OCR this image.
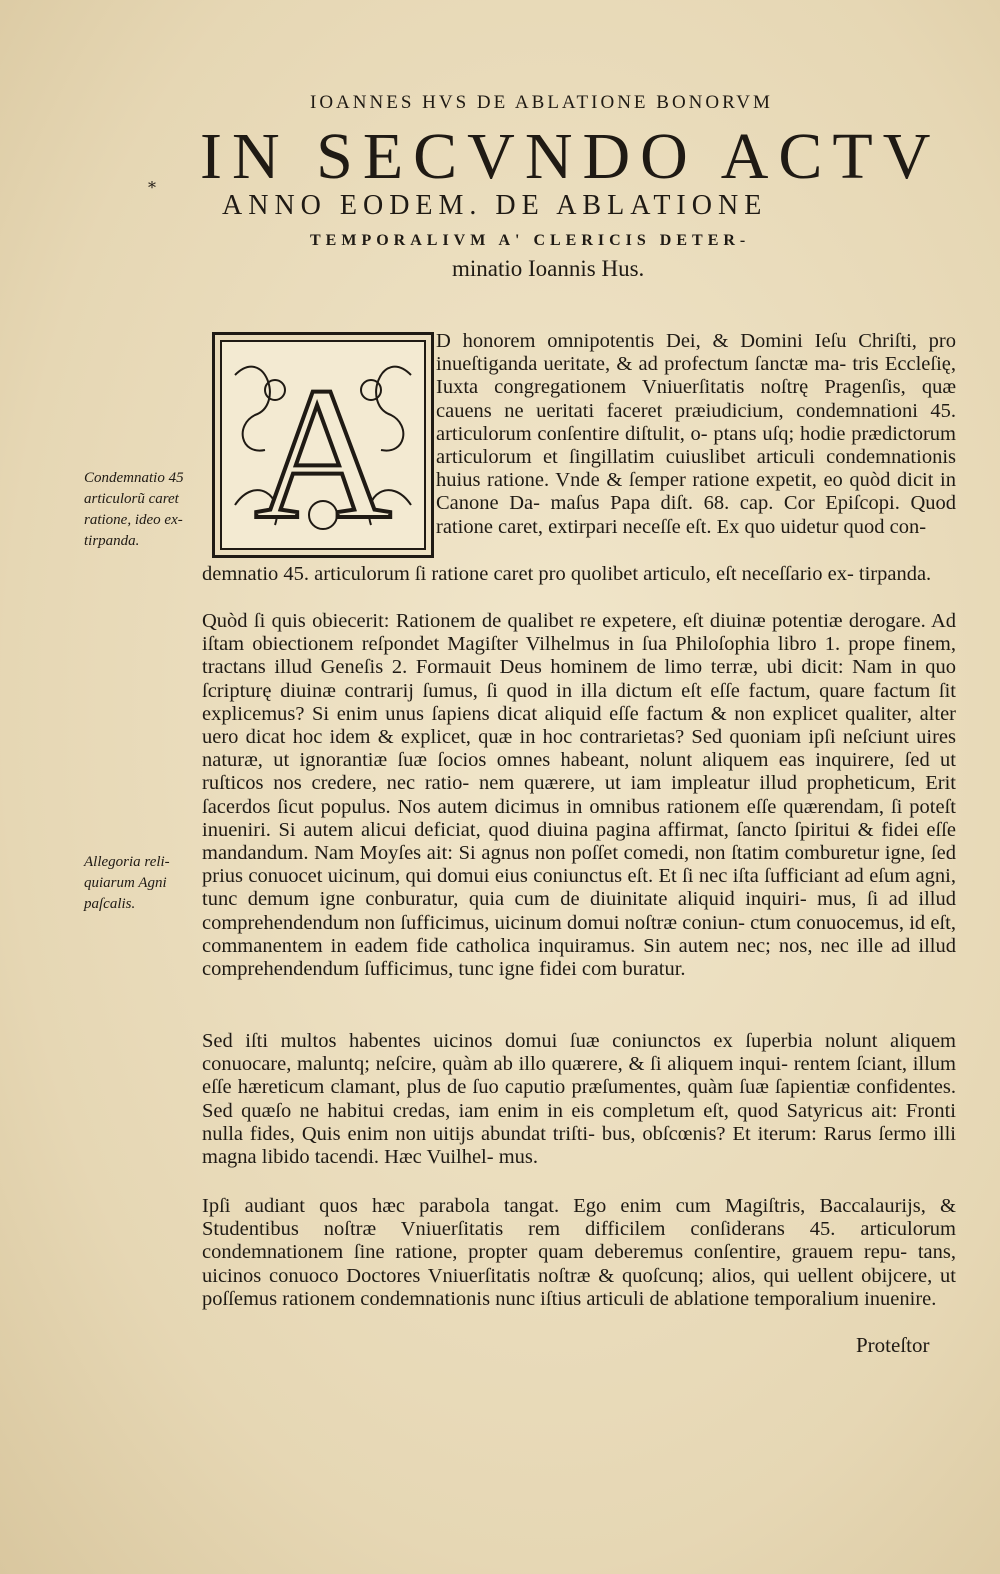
IOANNES HVS DE ABLATIONE BONORVM
IN SECVNDO ACTV
*
ANNO EODEM. DE ABLATIONE
TEMPORALIVM A' CLERICIS DETER-
minatio Ioannis Hus.
A
Condemnatio 45 articulorũ caret ratione, ideo ex- tirpanda.
Allegoria reli- quiarum Agni paſcalis.
D honorem omnipotentis Dei, & Domini Ieſu Chriſti, pro inueſtiganda ueritate, & ad profectum ſanctæ ma- tris Eccleſię, Iuxta congregationem Vniuerſitatis noſtrę Pragenſis, quæ cauens ne ueritati faceret præiudicium, condemnationi 45. articulorum conſentire diſtulit, o- ptans uſq; hodie prædictorum articulorum et ſingillatim cuiuslibet articuli condemnationis huius ratione. Vnde & ſemper ratione expetit, eo quòd dicit in Canone Da- maſus Papa diſt. 68. cap. Cor Epiſcopi. Quod ratione caret, extirpari neceſſe eſt. Ex quo uidetur quod con-
demnatio 45. articulorum ſi ratione caret pro quolibet articulo, eſt neceſſario ex- tirpanda.
Quòd ſi quis obiecerit: Rationem de qualibet re expetere, eſt diuinæ potentiæ derogare. Ad iſtam obiectionem reſpondet Magiſter Vilhelmus in ſua Philoſophia libro 1. prope finem, tractans illud Geneſis 2. Formauit Deus hominem de limo terræ, ubi dicit: Nam in quo ſcripturę diuinæ contrarij ſumus, ſi quod in illa dictum eſt eſſe factum, quare factum ſit explicemus? Si enim unus ſapiens dicat aliquid eſſe factum & non explicet qualiter, alter uero dicat hoc idem & explicet, quæ in hoc contrarietas? Sed quoniam ipſi neſciunt uires naturæ, ut ignorantiæ ſuæ ſocios omnes habeant, nolunt aliquem eas inquirere, ſed ut ruſticos nos credere, nec ratio- nem quærere, ut iam impleatur illud propheticum, Erit ſacerdos ſicut populus. Nos autem dicimus in omnibus rationem eſſe quærendam, ſi poteſt inueniri. Si autem alicui deficiat, quod diuina pagina affirmat, ſancto ſpiritui & fidei eſſe mandandum. Nam Moyſes ait: Si agnus non poſſet comedi, non ſtatim comburetur igne, ſed prius conuocet uicinum, qui domui eius coniunctus eſt. Et ſi nec iſta ſufficiant ad eſum agni, tunc demum igne conburatur, quia cum de diuinitate aliquid inquiri- mus, ſi ad illud comprehendendum non ſufficimus, uicinum domui noſtræ coniun- ctum conuocemus, id eſt, commanentem in eadem fide catholica inquiramus. Sin autem nec; nos, nec ille ad illud comprehendendum ſufficimus, tunc igne fidei com buratur.
Sed iſti multos habentes uicinos domui ſuæ coniunctos ex ſuperbia nolunt aliquem conuocare, maluntq; neſcire, quàm ab illo quærere, & ſi aliquem inqui- rentem ſciant, illum eſſe hæreticum clamant, plus de ſuo caputio præſumentes, quàm ſuæ ſapientiæ confidentes. Sed quæſo ne habitui credas, iam enim in eis completum eſt, quod Satyricus ait: Fronti nulla fides, Quis enim non uitijs abundat triſti- bus, obſcœnis? Et iterum: Rarus ſermo illi magna libido tacendi. Hæc Vuilhel- mus.
Ipſi audiant quos hæc parabola tangat. Ego enim cum Magiſtris, Baccalaurijs, & Studentibus noſtræ Vniuerſitatis rem difficilem conſiderans 45. articulorum condemnationem ſine ratione, propter quam deberemus conſentire, grauem repu- tans, uicinos conuoco Doctores Vniuerſitatis noſtræ & quoſcunq; alios, qui uellent obijcere, ut poſſemus rationem condemnationis nunc iſtius articuli de ablatione temporalium inuenire.
Proteſtor
